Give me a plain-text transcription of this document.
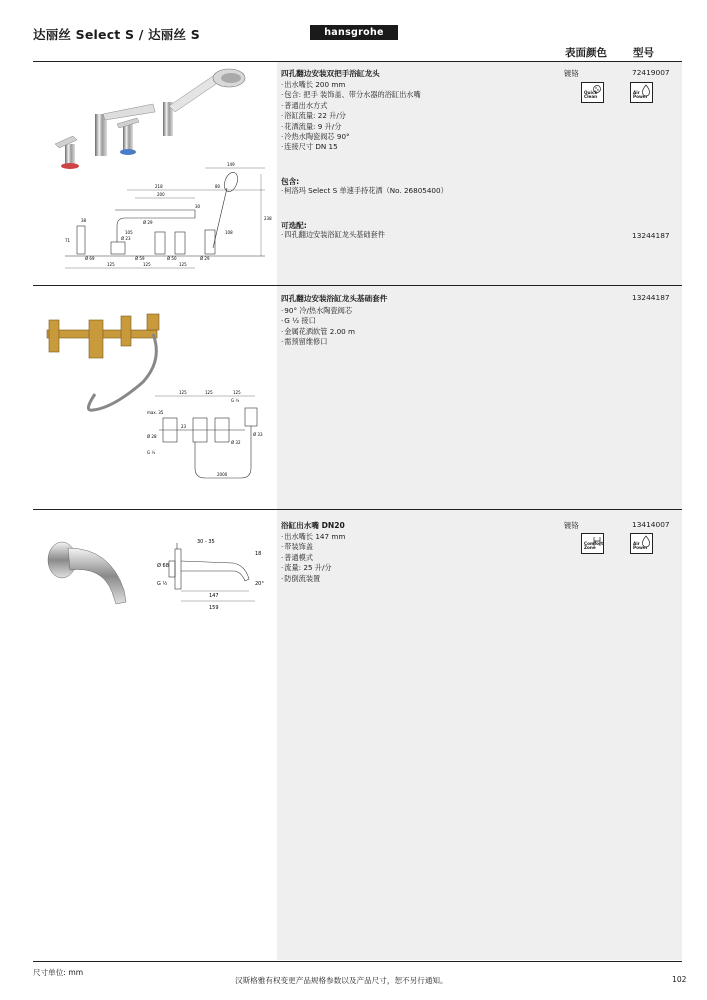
达丽丝 Select S / 达丽丝 S	hansgrohe
表面颜色 型号
149
80
218
200
238
30
Ø 29
Ø 23
Ø 59	Ø 50	Ø 29
Ø 69
108
105
125	125	125
38
71
四孔翻边安装双把手浴缸龙头	镀铬	72419007
· 出水嘴长 200 mm
· 包含: 把手 装饰盖、带分水器的浴缸出水嘴
· 普通出水方式
· 浴缸流量: 22 升/分
· 花洒流量: 9 升/分
· 冷热水陶瓷阀芯 90°
· 连接尺寸 DN 15
包含:
· 柯洛玛 Select S 单速手持花洒（No. 26805400）
可选配:
· 四孔翻边安装浴缸龙头基础套件	13244187
Quick Clean
Air Power
125	125	125
G ½
max. 35
Ø 28	Ø 33
Ø 32
23
G ½
2000
四孔翻边安装浴缸龙头基础套件	13244187
· 90° 冷/热水陶瓷阀芯
· G ½ 接口
· 金属花洒软管 2.00 m
· 需预留维修口
30 - 35
18
Ø 68
G ½	20°
147
159
浴缸出水嘴 DN20	镀铬	13414007
· 出水嘴长 147 mm
· 带装饰盖
· 普通模式
· 流量: 25 升/分
· 防倒流装置
Comfort Zone
Air Power
尺寸单位: mm
汉斯格雅有权变更产品规格参数以及产品尺寸，恕不另行通知。	102
